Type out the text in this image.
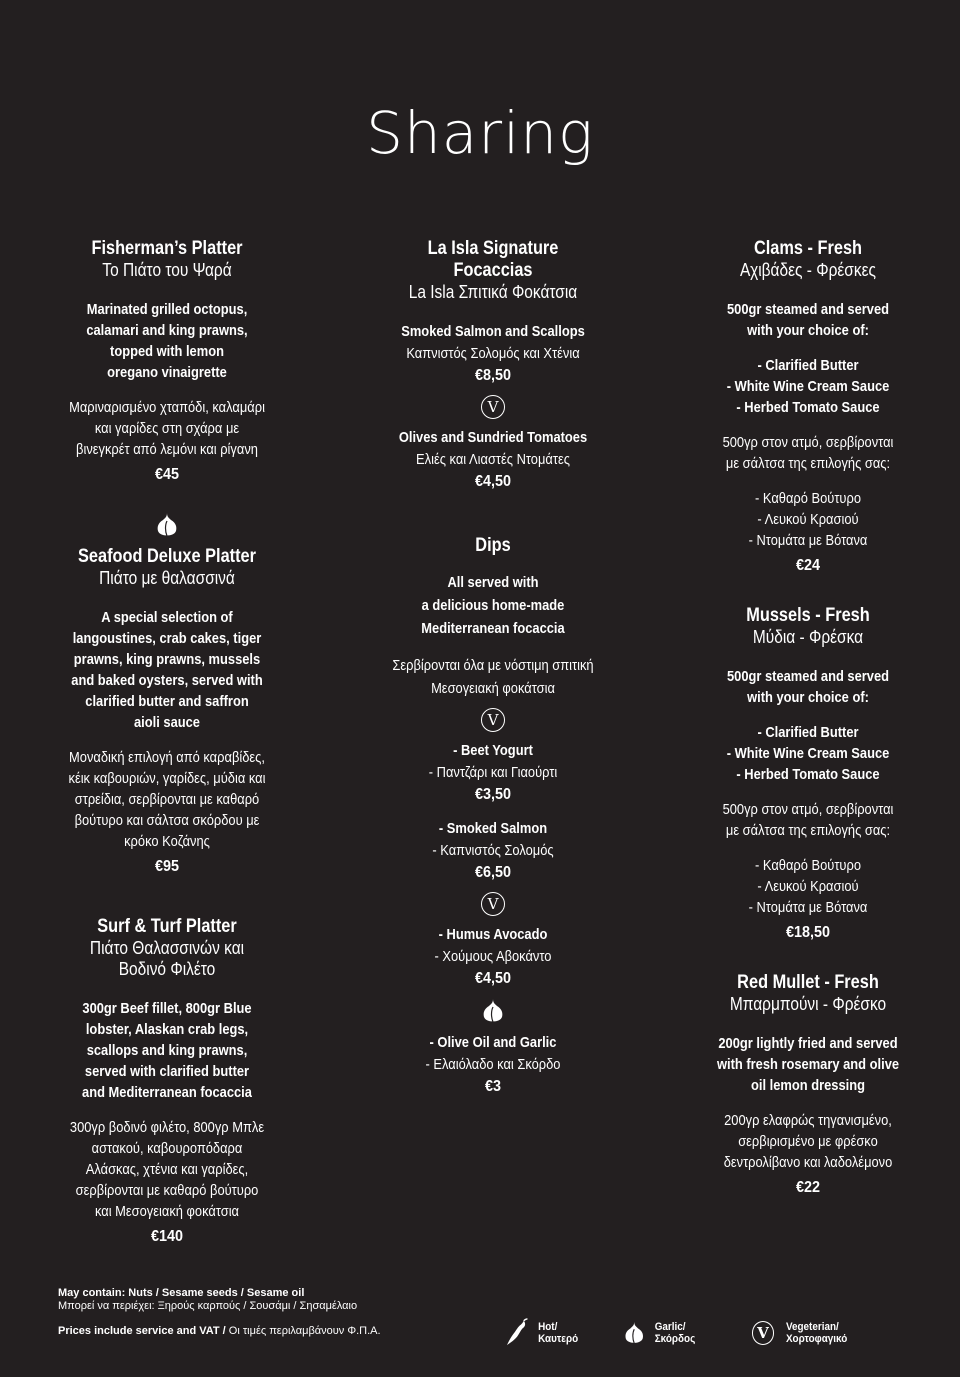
Sharing
Fisherman’s Platter
Το Πιάτο του Ψαρά
Marinated grilled octopus,
calamari and king prawns,
topped with lemon
oregano vinaigrette
Μαριναρισμένο χταπόδι, καλαμάρι
και γαρίδες στη σχάρα με
βινεγκρέτ από λεμόνι και ρίγανη
€45
Seafood Deluxe Platter
Πιάτο με θαλασσινά
A special selection of
langoustines, crab cakes, tiger
prawns, king prawns, mussels
and baked oysters, served with
clarified butter and saffron
aioli sauce
Μοναδική επιλογή από καραβίδες,
κέικ καβουριών, γαρίδες, μύδια και
στρείδια, σερβίρονται με καθαρό
βούτυρο και σάλτσα σκόρδου με
κρόκο Κοζάνης
€95
Surf & Turf Platter
Πιάτο Θαλασσινών και
Βοδινό Φιλέτο
300gr Beef fillet, 800gr Blue
lobster, Alaskan crab legs,
scallops and king prawns,
served with clarified butter
and Mediterranean focaccia
300γρ βοδινό φιλέτο, 800γρ Μπλε
αστακού, καβουροπόδαρα
Αλάσκας, χτένια και γαρίδες,
σερβίρονται με καθαρό βούτυρο
και Μεσογειακή φοκάτσια
€140
La Isla Signature
Focaccias
La Isla Σπιτικά Φοκάτσια
Smoked Salmon and Scallops
Καπνιστός Σολομός και Χτένια
€8,50
V
Olives and Sundried Tomatoes
Ελιές και Λιαστές Ντομάτες
€4,50
Dips
All served with
a delicious home-made
Mediterranean focaccia
Σερβίρονται όλα με νόστιμη σπιτική
Μεσογειακή φοκάτσια
V
- Beet Yogurt
- Παντζάρι και Γιαούρτι
€3,50
- Smoked Salmon
- Καπνιστός Σολομός
€6,50
V
- Humus Avocado
- Χούμους Αβοκάντο
€4,50
- Olive Oil and Garlic
- Ελαιόλαδο και Σκόρδο
€3
Clams - Fresh
Αχιβάδες - Φρέσκες
500gr steamed and served
with your choice of:
- Clarified Butter
- White Wine Cream Sauce
- Herbed Tomato Sauce
500γρ στον ατμό, σερβίρονται
με σάλτσα της επιλογής σας:
- Καθαρό Βούτυρο
- Λευκού Κρασιού
- Ντομάτα με Βότανα
€24
Mussels - Fresh
Μύδια - Φρέσκα
500gr steamed and served
with your choice of:
- Clarified Butter
- White Wine Cream Sauce
- Herbed Tomato Sauce
500γρ στον ατμό, σερβίρονται
με σάλτσα της επιλογής σας:
- Καθαρό Βούτυρο
- Λευκού Κρασιού
- Ντομάτα με Βότανα
€18,50
Red Mullet - Fresh
Μπαρμπούνι - Φρέσκο
200gr lightly fried and served
with fresh rosemary and olive
oil lemon dressing
200γρ ελαφρώς τηγανισμένο,
σερβιρισμένο με φρέσκο
δεντρολίβανο και λαδολέμονο
€22
May contain: Nuts / Sesame seeds / Sesame oil
Μπορεί να περιέχει: Ξηρούς καρπούς / Σουσάμι / Σησαμέλαιο
Prices include service and VAT / Οι τιμές περιλαμβάνουν Φ.Π.Α.	Hot/Καυτερό
Garlic/Σκόρδος	V	Vegeterian/Χορτοφαγικό
